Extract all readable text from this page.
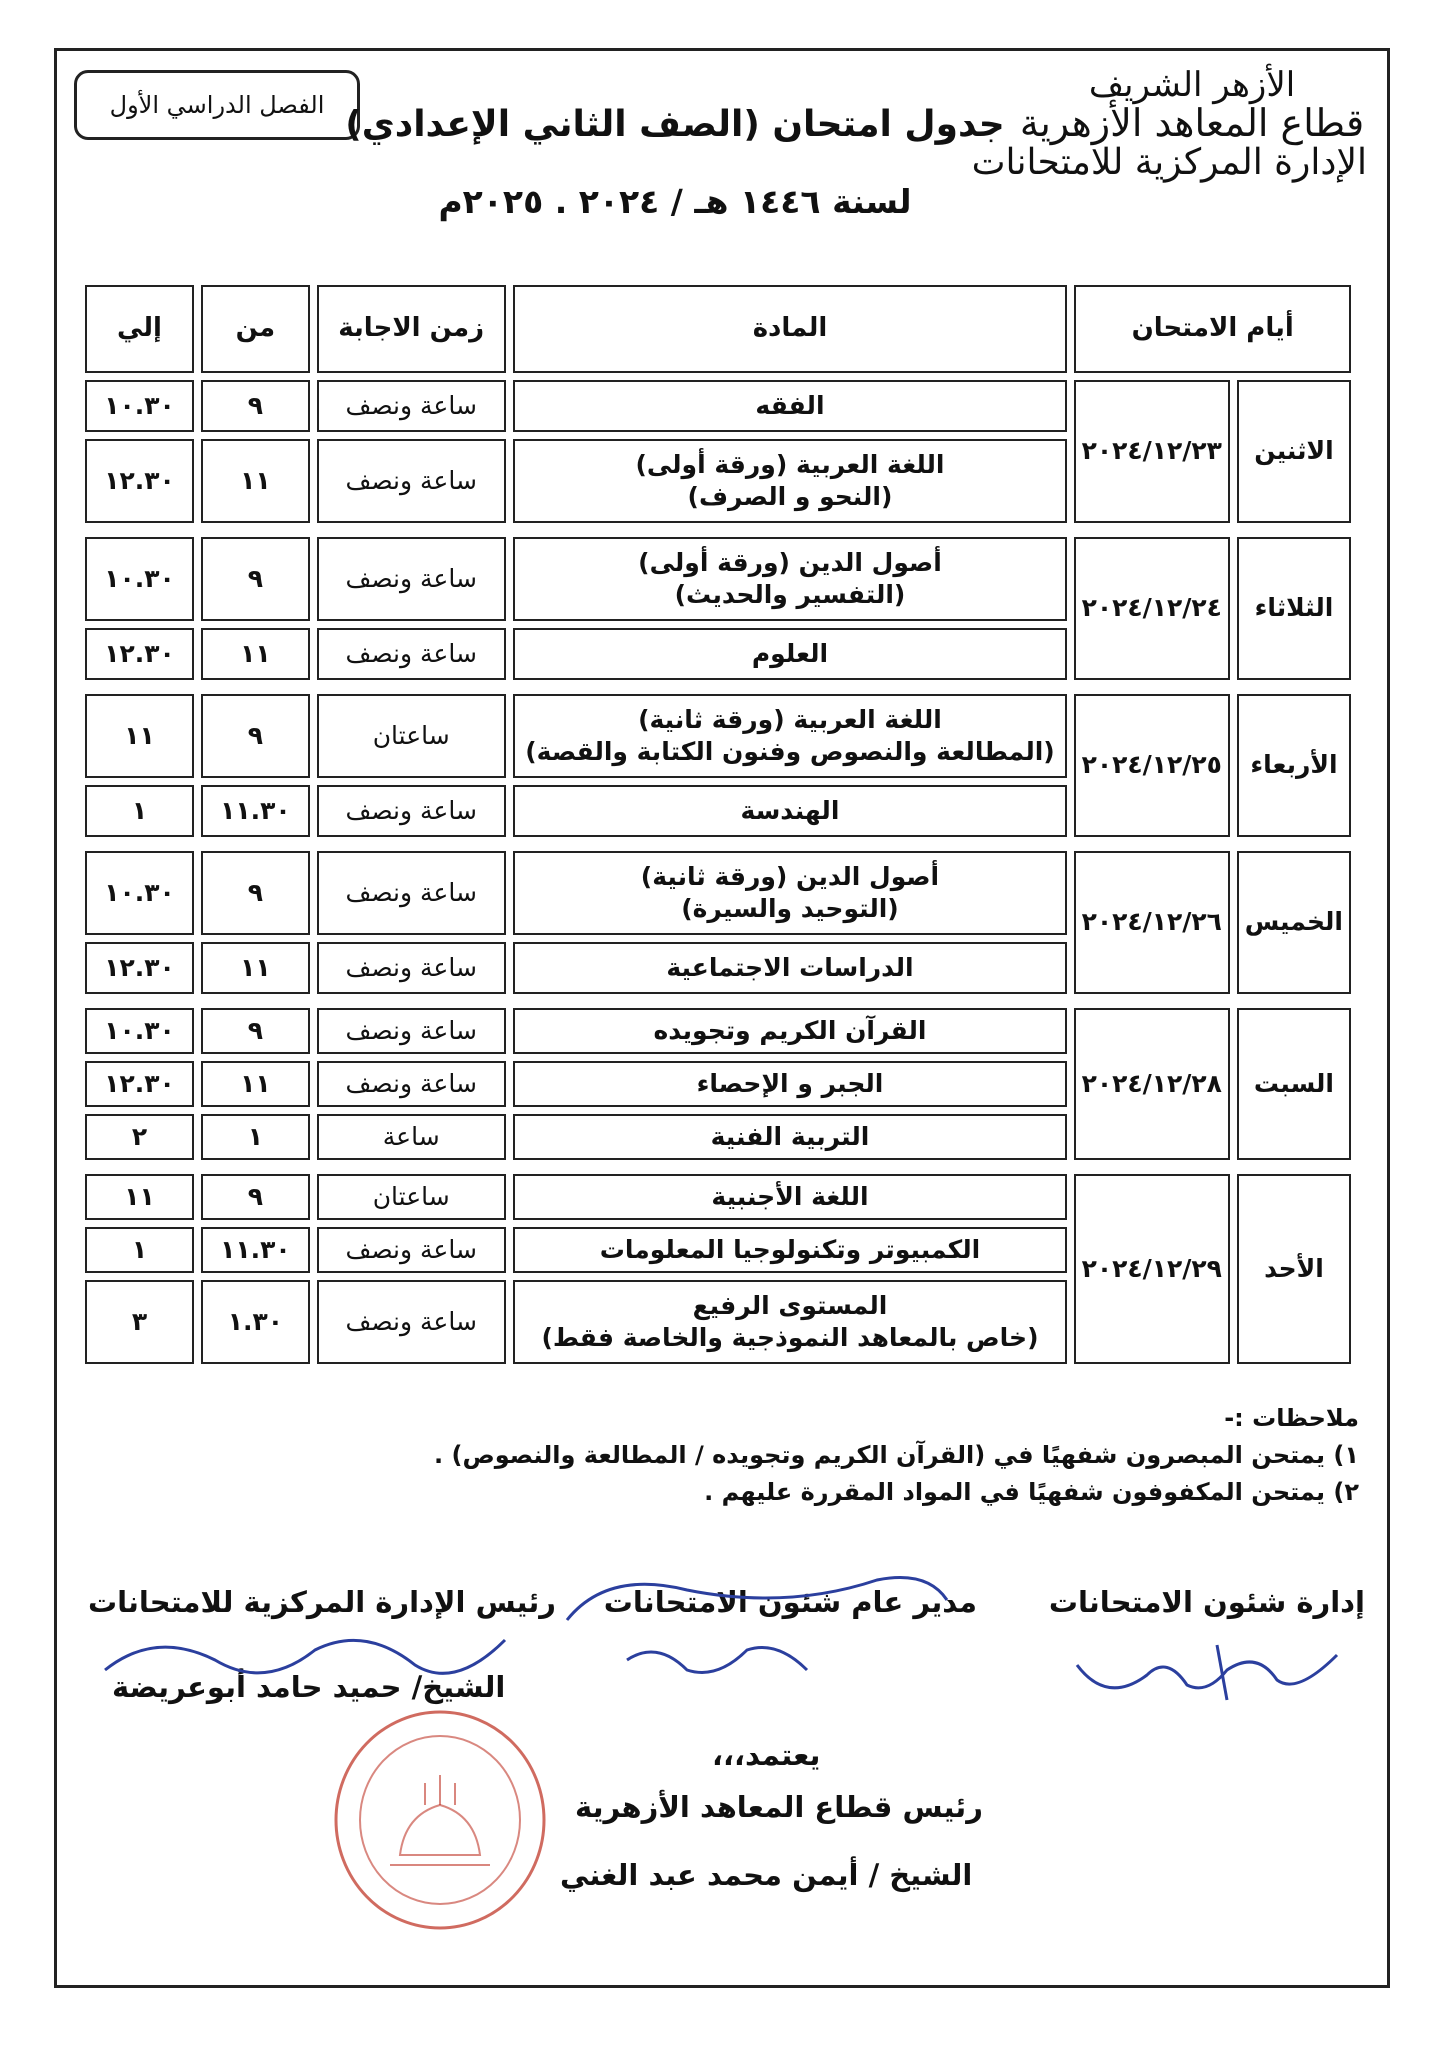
الأزهر الشريف
قطاع المعاهد الأزهرية
الإدارة المركزية للامتحانات
الفصل الدراسي الأول جدول امتحان (الصف الثاني الإعدادي)
لسنة ١٤٤٦ هـ / ٢٠٢٤ . ٢٠٢٥م
أيام الامتحان		المادة	زمن الاجابة	من	إلي
الاثنين	٢٠٢٤/١٢/٢٣	الفقه	ساعة ونصف	٩	١٠.٣٠

		اللغة العربية (ورقة أولى)
(النحو و الصرف)	ساعة ونصف	١١	١٢.٣٠

الثلاثاء	٢٠٢٤/١٢/٢٤	أصول الدين (ورقة أولى)
(التفسير والحديث)	ساعة ونصف	٩	١٠.٣٠
		العلوم	ساعة ونصف	١١	١٢.٣٠

الأربعاء	٢٠٢٤/١٢/٢٥	اللغة العربية (ورقة ثانية)
(المطالعة والنصوص وفنون الكتابة والقصة)	ساعتان	٩	١١
		الهندسة	ساعة ونصف	١١.٣٠	١

الخميس	٢٠٢٤/١٢/٢٦	أصول الدين (ورقة ثانية)
(التوحيد والسيرة)	ساعة ونصف	٩	١٠.٣٠
		الدراسات الاجتماعية	ساعة ونصف	١١	١٢.٣٠

السبت	٢٠٢٤/١٢/٢٨	القرآن الكريم وتجويده	ساعة ونصف	٩	١٠.٣٠
		الجبر و الإحصاء	ساعة ونصف	١١	١٢.٣٠
		التربية الفنية	ساعة	١	٢

الأحد	٢٠٢٤/١٢/٢٩	اللغة الأجنبية	ساعتان	٩	١١
		الكمبيوتر وتكنولوجيا المعلومات	ساعة ونصف	١١.٣٠	١

		المستوى الرفيع
(خاص بالمعاهد النموذجية والخاصة فقط)	ساعة ونصف	١.٣٠	٣
ملاحظات :-
١) يمتحن المبصرون شفهيًا في (القرآن الكريم وتجويده / المطالعة والنصوص) .
٢) يمتحن المكفوفون شفهيًا في المواد المقررة عليهم .
إدارة شئون الامتحانات
مدير عام شئون الامتحانات
رئيس الإدارة المركزية للامتحانات
الشيخ/ حميد حامد أبوعريضة
يعتمد،،،
رئيس قطاع المعاهد الأزهرية
الشيخ / أيمن محمد عبد الغني
